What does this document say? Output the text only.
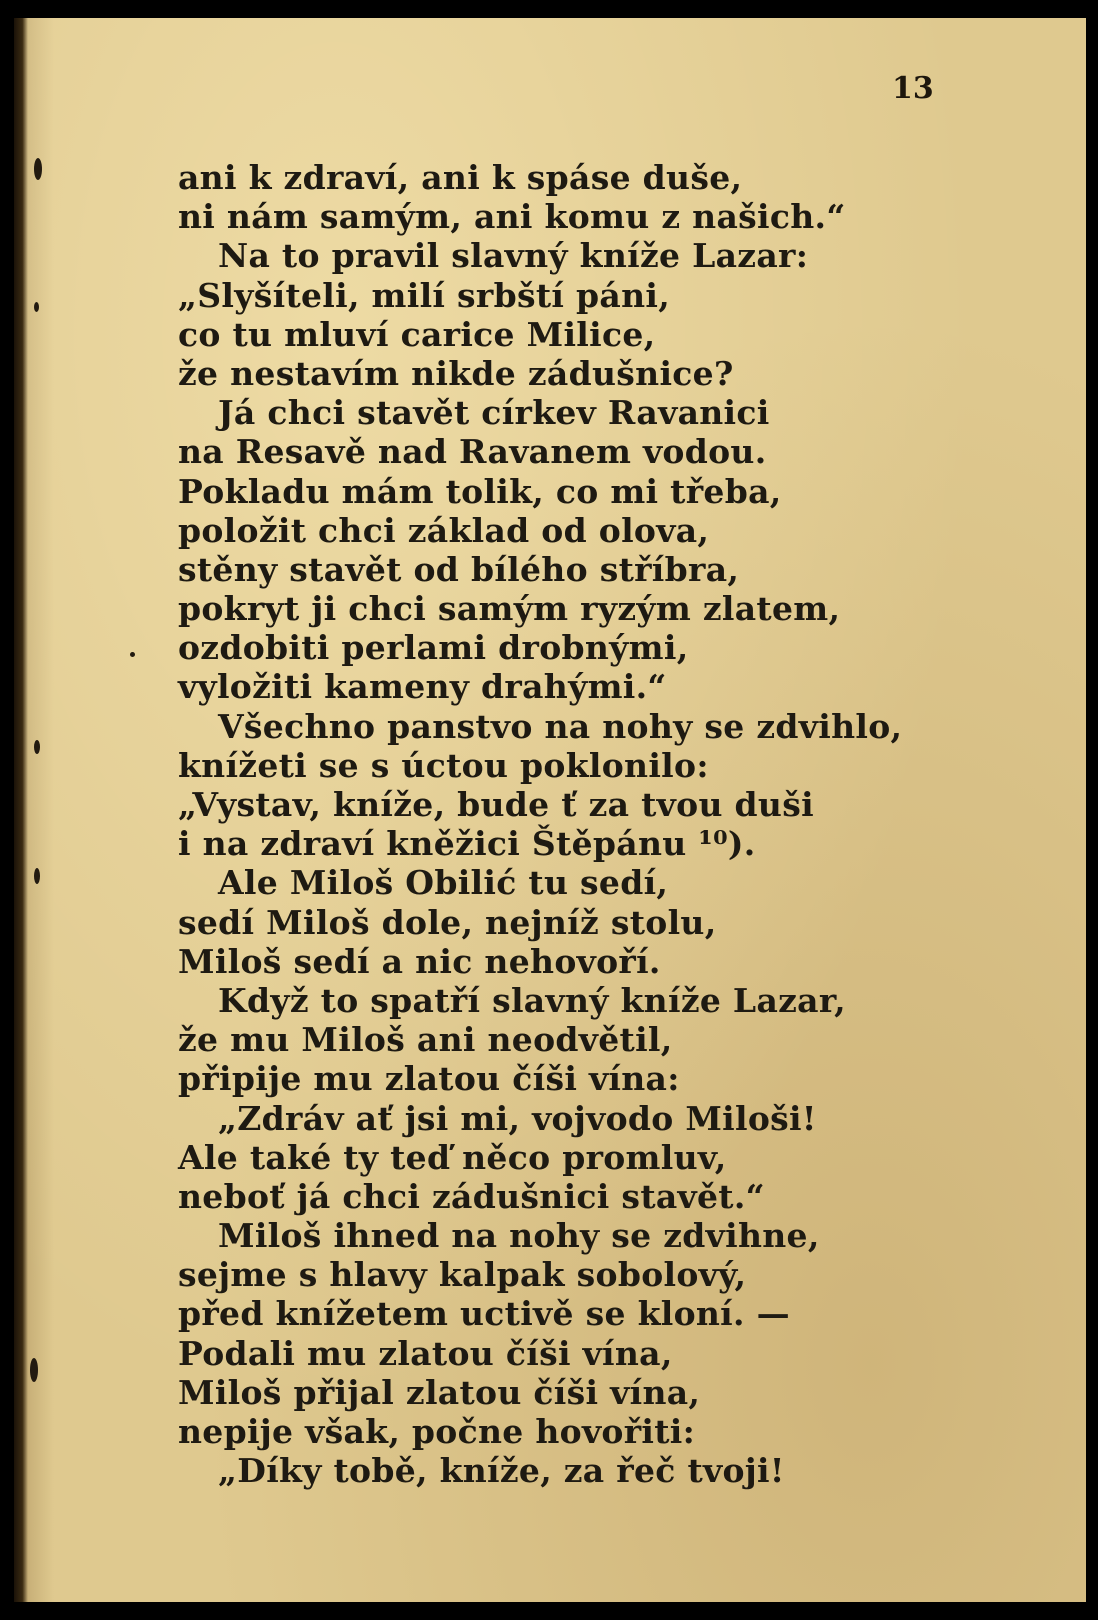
13
ani k zdraví, ani k spáse duše,
ni nám samým, ani komu z našich.“
Na to pravil slavný kníže Lazar:
„Slyšíteli, milí srbští páni,
co tu mluví carice Milice,
že nestavím nikde zádušnice?
Já chci stavět církev Ravanici
na Resavě nad Ravanem vodou.
Pokladu mám tolik, co mi třeba,
položit chci základ od olova,
stěny stavět od bílého stříbra,
pokryt ji chci samým ryzým zlatem,
ozdobiti perlami drobnými,
vyložiti kameny drahými.“
Všechno panstvo na nohy se zdvihlo,
knížeti se s úctou poklonilo:
„Vystav, kníže, bude ť za tvou duši
i na zdraví kněžici Štěpánu ¹⁰).
Ale Miloš Obilić tu sedí,
sedí Miloš dole, nejníž stolu,
Miloš sedí a nic nehovoří.
Když to spatří slavný kníže Lazar,
že mu Miloš ani neodvětil,
připije mu zlatou číši vína:
„Zdráv ať jsi mi, vojvodo Miloši!
Ale také ty teď něco promluv,
neboť já chci zádušnici stavět.“
Miloš ihned na nohy se zdvihne,
sejme s hlavy kalpak sobolový,
před knížetem uctivě se kloní. —
Podali mu zlatou číši vína,
Miloš přijal zlatou číši vína,
nepije však, počne hovořiti:
„Díky tobě, kníže, za řeč tvoji!
